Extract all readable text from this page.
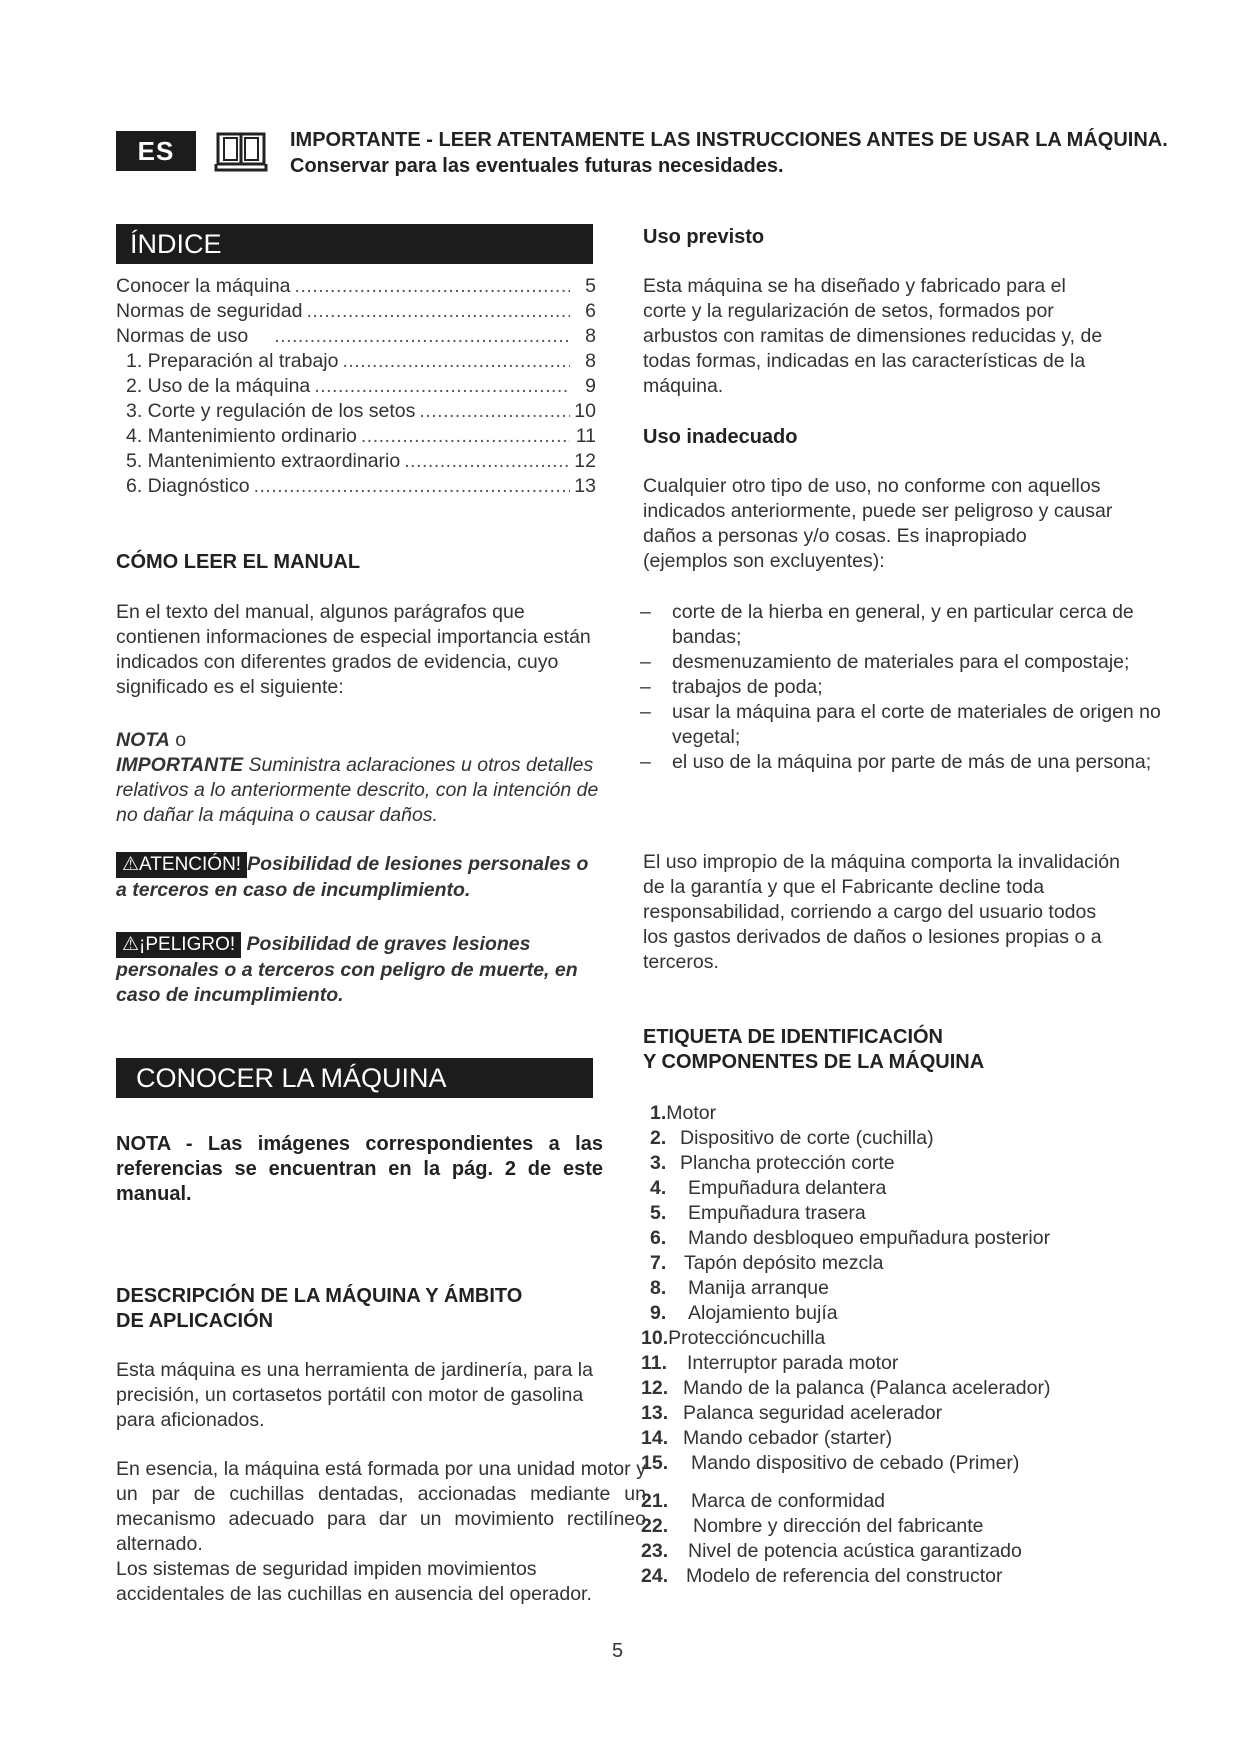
ES	IMPORTANTE - LEER ATENTAMENTE LAS INSTRUCCIONES ANTES DE USAR LA MÁQUINA.
Conservar para las eventuales futuras necesidades.
ÍNDICE
Conocer la máquina .....	5
Normas de seguridad .....	6
Normas de uso .....	8
1. Preparación al trabajo .....	8
2. Uso de la máquina .....	9
3. Corte y regulación de los setos .....	10
4. Mantenimiento ordinario .....	11
5. Mantenimiento extraordinario .....	12
6. Diagnóstico .....	13
CÓMO LEER EL MANUAL
En el texto del manual, algunos parágrafos que contienen informaciones de especial importancia están indicados con diferentes grados de evidencia, cuyo significado es el siguiente:
NOTA o
IMPORTANTE Suministra aclaraciones u otros detalles relativos a lo anteriormente descrito, con la intención de no dañar la máquina o causar daños.
⚠ATENCIÓN! Posibilidad de lesiones personales o a terceros en caso de incumplimiento.
⚠¡PELIGRO! Posibilidad de graves lesiones personales o a terceros con peligro de muerte, en caso de incumplimiento.
CONOCER LA MÁQUINA
NOTA - Las imágenes correspondientes a las referencias se encuentran en la pág. 2 de este manual.
DESCRIPCIÓN DE LA MÁQUINA Y ÁMBITO
DE APLICACIÓN
Esta máquina es una herramienta de jardinería, para la precisión, un cortasetos portátil con motor de gasolina para aficionados.
En esencia, la máquina está formada por una unidad motor y un par de cuchillas dentadas, accionadas mediante un mecanismo adecuado para dar un movimiento rectilíneo alternado.
Los sistemas de seguridad impiden movimientos accidentales de las cuchillas en ausencia del operador.
Uso previsto
Esta máquina se ha diseñado y fabricado para el corte y la regularización de setos, formados por arbustos con ramitas de dimensiones reducidas y, de todas formas, indicadas en las características de la máquina.
Uso inadecuado
Cualquier otro tipo de uso, no conforme con aquellos indicados anteriormente, puede ser peligroso y causar daños a personas y/o cosas. Es inapropiado (ejemplos son excluyentes):
–	corte de la hierba en general, y en particular cerca de bandas;
–	desmenuzamiento de materiales para el compostaje;
–	trabajos de poda;
–	usar la máquina para el corte de materiales de origen no vegetal;
–	el uso de la máquina por parte de más de una persona;
El uso impropio de la máquina comporta la invalidación de la garantía y que el Fabricante decline toda responsabilidad, corriendo a cargo del usuario todos los gastos derivados de daños o lesiones propias o a terceros.
ETIQUETA DE IDENTIFICACIÓN
Y COMPONENTES DE LA MÁQUINA
1.Motor
2. Dispositivo de corte (cuchilla)
3. Plancha protección corte
4. Empuñadura delantera
5. Empuñadura trasera
6. Mando desbloqueo empuñadura posterior
7. Tapón depósito mezcla
8. Manija arranque
9. Alojamiento bujía
10.Proteccióncuchilla
11. Interruptor parada motor
12. Mando de la palanca (Palanca acelerador)
13. Palanca seguridad acelerador
14. Mando cebador (starter)
15. Mando dispositivo de cebado (Primer)
21. Marca de conformidad
22. Nombre y dirección del fabricante
23. Nivel de potencia acústica garantizado
24. Modelo de referencia del constructor
5
